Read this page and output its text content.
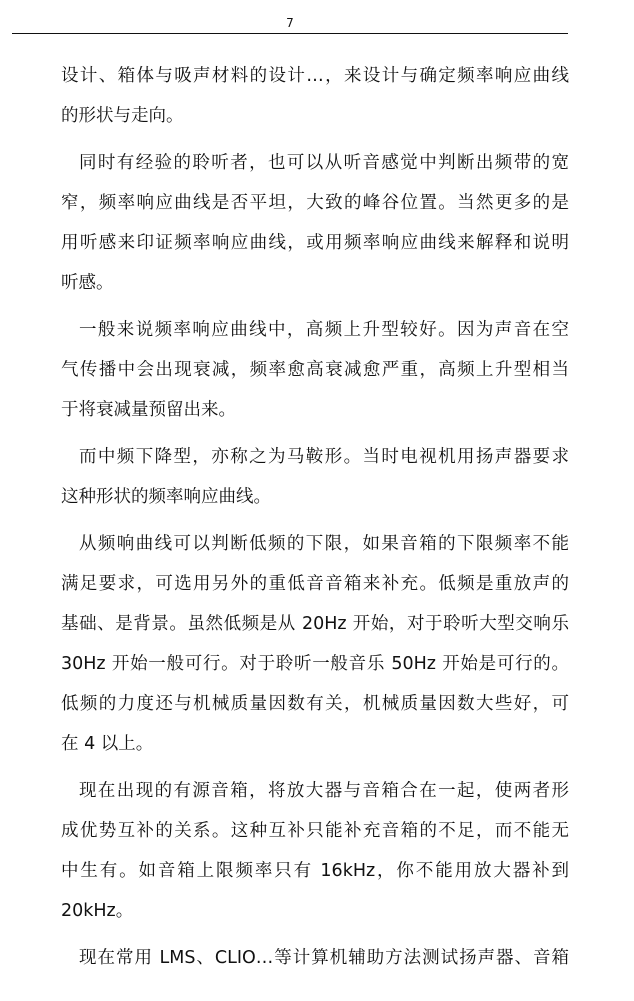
7
设计、箱体与吸声材料的设计…，来设计与确定频率响应曲线
的形状与走向。
同时有经验的聆听者，也可以从听音感觉中判断出频带的宽
窄，频率响应曲线是否平坦，大致的峰谷位置。当然更多的是
用听感来印证频率响应曲线，或用频率响应曲线来解释和说明
听感。
一般来说频率响应曲线中，高频上升型较好。因为声音在空
气传播中会出现衰减，频率愈高衰减愈严重，高频上升型相当
于将衰减量预留出来。
而中频下降型，亦称之为马鞍形。当时电视机用扬声器要求
这种形状的频率响应曲线。
从频响曲线可以判断低频的下限，如果音箱的下限频率不能
满足要求，可选用另外的重低音音箱来补充。低频是重放声的
基础、是背景。虽然低频是从 20Hz 开始，对于聆听大型交响乐
30Hz 开始一般可行。对于聆听一般音乐 50Hz 开始是可行的。
低频的力度还与机械质量因数有关，机械质量因数大些好，可
在 4 以上。
现在出现的有源音箱，将放大器与音箱合在一起，使两者形
成优势互补的关系。这种互补只能补充音箱的不足，而不能无
中生有。如音箱上限频率只有 16kHz，你不能用放大器补到
20kHz。
现在常用 LMS、CLIO…等计算机辅助方法测试扬声器、音箱
